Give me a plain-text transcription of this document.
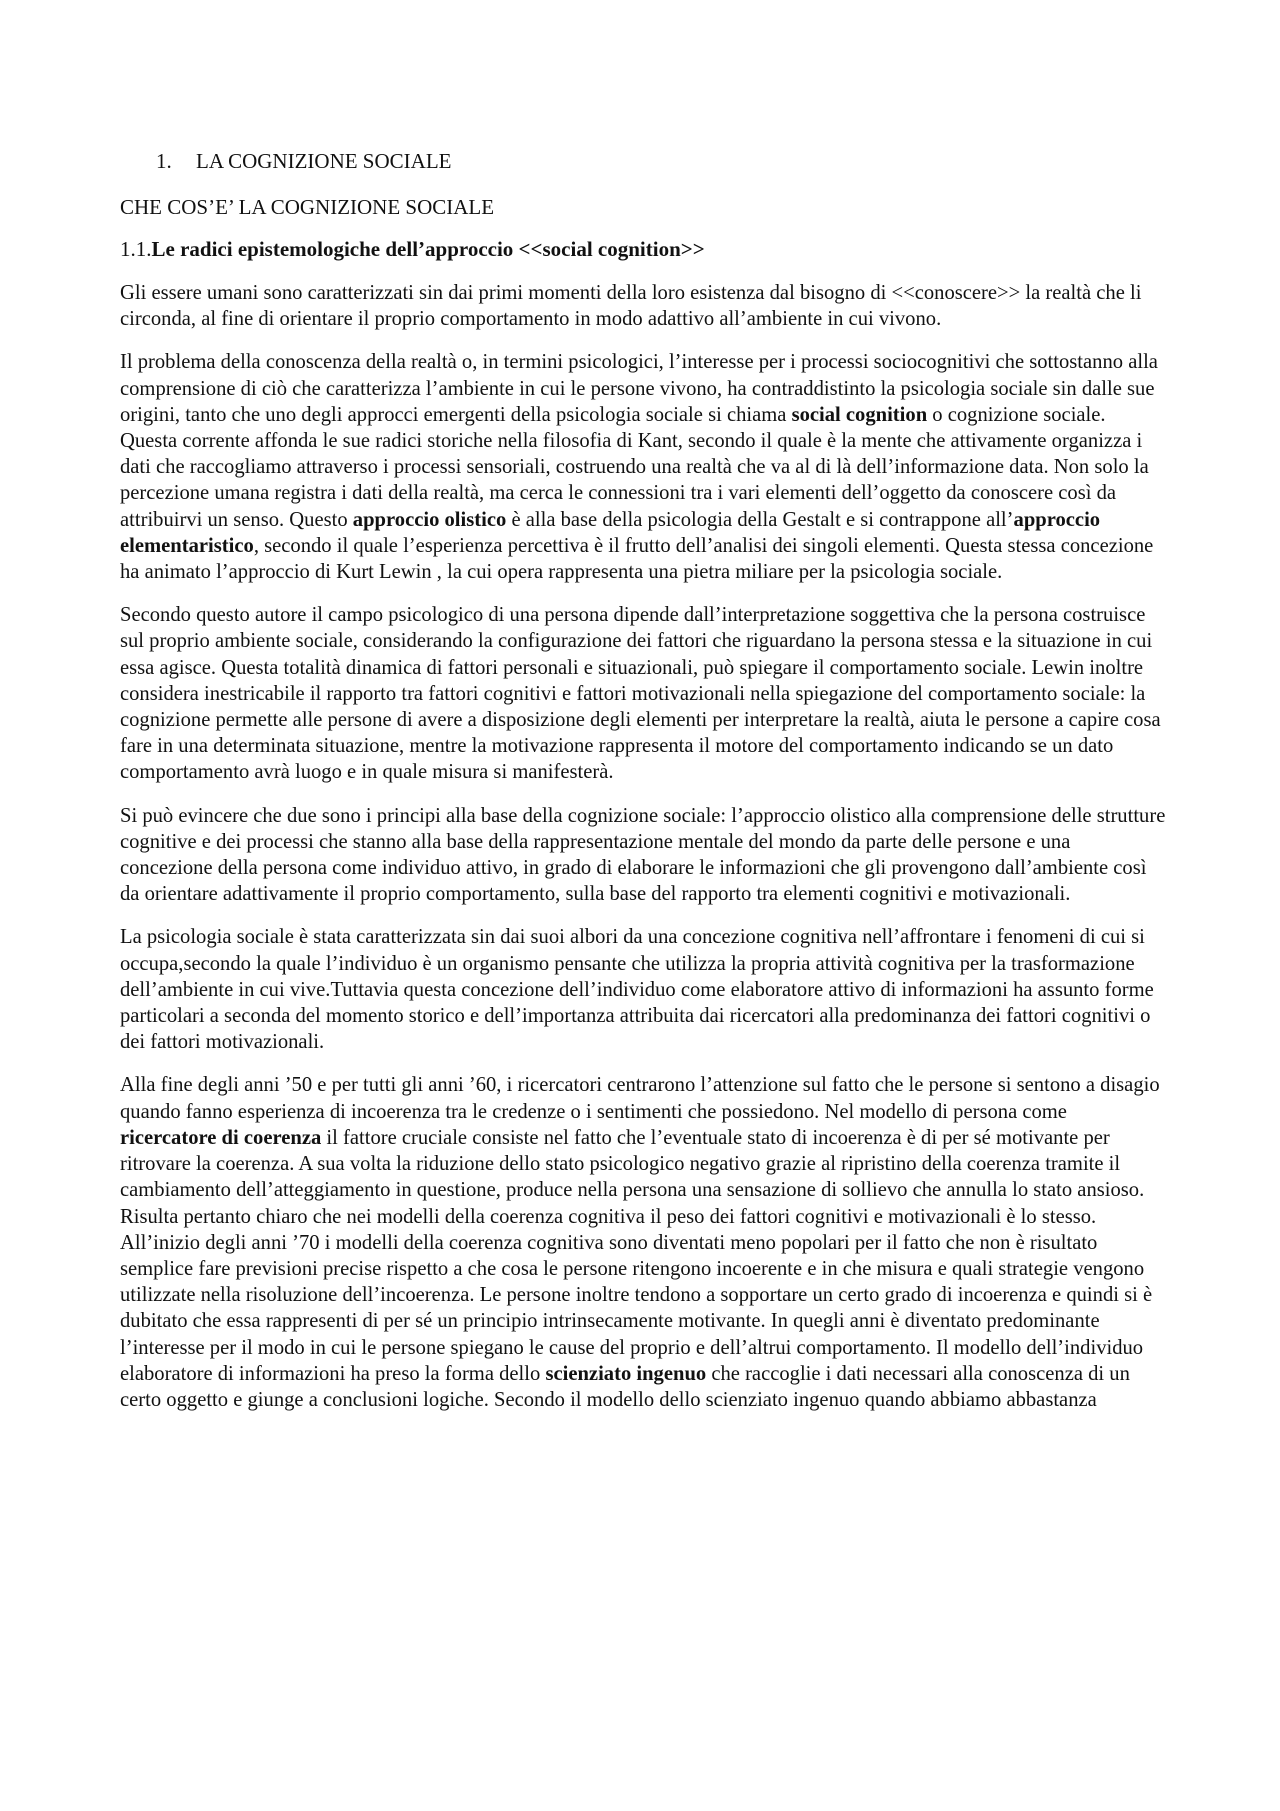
1.	LA COGNIZIONE SOCIALE
CHE COS’E’ LA COGNIZIONE SOCIALE
1.1.Le radici epistemologiche dell’approccio <<social cognition>>

Gli essere umani sono caratterizzati sin dai primi momenti della loro esistenza dal bisogno di <<conoscere>> la realtà che li circonda, al fine di orientare il proprio comportamento in modo adattivo all’ambiente in cui vivono.

Il problema della conoscenza della realtà o, in termini psicologici, l’interesse per i processi sociocognitivi che sottostanno alla comprensione di ciò che caratterizza l’ambiente in cui le persone vivono, ha contraddistinto la psicologia sociale sin dalle sue origini, tanto che uno degli approcci emergenti della psicologia sociale si chiama social cognition o cognizione sociale. Questa corrente affonda le sue radici storiche nella filosofia di Kant, secondo il quale è la mente che attivamente organizza i dati che raccogliamo attraverso i processi sensoriali, costruendo una realtà che va al di là dell’informazione data. Non solo la percezione umana registra i dati della realtà, ma cerca le connessioni tra i vari elementi dell’oggetto da conoscere così da attribuirvi un senso. Questo approccio olistico è alla base della psicologia della Gestalt e si contrappone all’approccio elementaristico, secondo il quale l’esperienza percettiva è il frutto dell’analisi dei singoli elementi. Questa stessa concezione ha animato l’approccio di Kurt Lewin , la cui opera rappresenta una pietra miliare per la psicologia sociale.

Secondo questo autore il campo psicologico di una persona dipende dall’interpretazione soggettiva che la persona costruisce sul proprio ambiente sociale, considerando la configurazione dei fattori che riguardano la persona stessa e la situazione in cui essa agisce. Questa totalità dinamica di fattori personali e situazionali, può spiegare il comportamento sociale. Lewin inoltre considera inestricabile il rapporto tra fattori cognitivi e fattori motivazionali nella spiegazione del comportamento sociale: la cognizione permette alle persone di avere a disposizione degli elementi per interpretare la realtà, aiuta le persone a capire cosa fare in una determinata situazione, mentre la motivazione rappresenta il motore del comportamento indicando se un dato comportamento avrà luogo e in quale misura si manifesterà.

Si può evincere che due sono i principi alla base della cognizione sociale: l’approccio olistico alla comprensione delle strutture cognitive e dei processi che stanno alla base della rappresentazione mentale del mondo da parte delle persone e una concezione della persona come individuo attivo, in grado di elaborare le informazioni che gli provengono dall’ambiente così da orientare adattivamente il proprio comportamento, sulla base del rapporto tra elementi cognitivi e motivazionali.

La psicologia sociale è stata caratterizzata sin dai suoi albori da una concezione cognitiva nell’affrontare i fenomeni di cui si occupa,secondo la quale l’individuo è un organismo pensante che utilizza la propria attività cognitiva per la trasformazione dell’ambiente in cui vive.Tuttavia questa concezione dell’individuo come elaboratore attivo di informazioni ha assunto forme particolari a seconda del momento storico e dell’importanza attribuita dai ricercatori alla predominanza dei fattori cognitivi o dei fattori motivazionali.

Alla fine degli anni ’50 e per tutti gli anni ’60, i ricercatori centrarono l’attenzione sul fatto che le persone si sentono a disagio quando fanno esperienza di incoerenza tra le credenze o i sentimenti che possiedono. Nel modello di persona come ricercatore di coerenza il fattore cruciale consiste nel fatto che l’eventuale stato di incoerenza è di per sé motivante per ritrovare la coerenza. A sua volta la riduzione dello stato psicologico negativo grazie al ripristino della coerenza tramite il cambiamento dell’atteggiamento in questione, produce nella persona una sensazione di sollievo che annulla lo stato ansioso. Risulta pertanto chiaro che nei modelli della coerenza cognitiva il peso dei fattori cognitivi e motivazionali è lo stesso. All’inizio degli anni ’70 i modelli della coerenza cognitiva sono diventati meno popolari per il fatto che non è risultato semplice fare previsioni precise rispetto a che cosa le persone ritengono incoerente e in che misura e quali strategie vengono utilizzate nella risoluzione dell’incoerenza. Le persone inoltre tendono a sopportare un certo grado di incoerenza e quindi si è dubitato che essa rappresenti di per sé un principio intrinsecamente motivante. In quegli anni è diventato predominante l’interesse per il modo in cui le persone spiegano le cause del proprio e dell’altrui comportamento. Il modello dell’individuo elaboratore di informazioni ha preso la forma dello scienziato ingenuo che raccoglie i dati necessari alla conoscenza di un certo oggetto e giunge a conclusioni logiche. Secondo il modello dello scienziato ingenuo quando abbiamo abbastanza
